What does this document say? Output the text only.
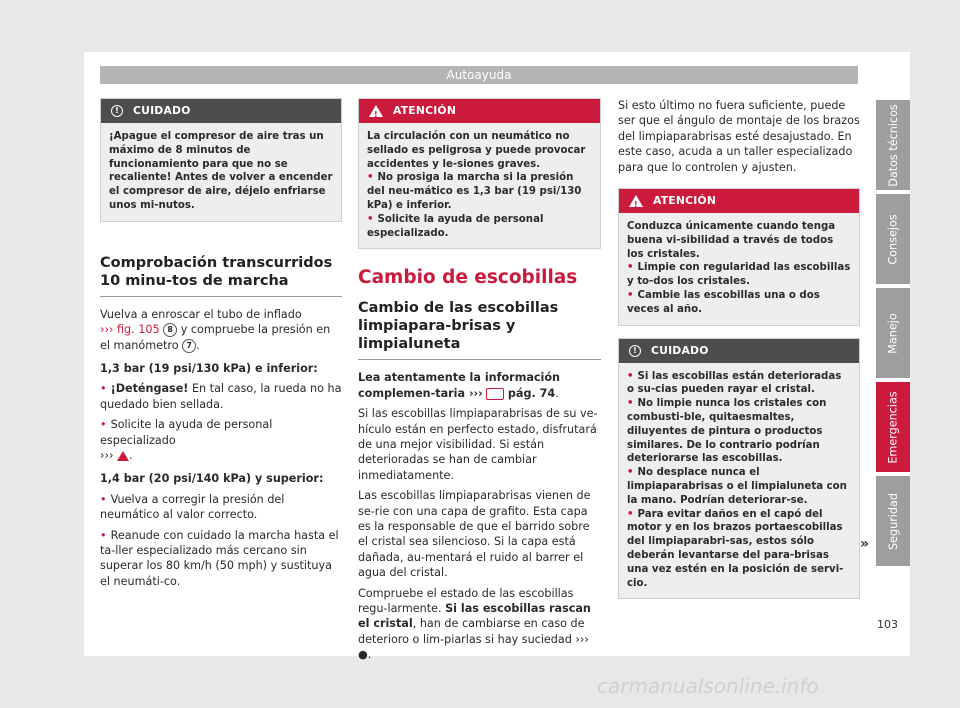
Autoayuda
!	CUIDADO
¡Apague el compresor de aire tras un máximo de 8 minutos de funcionamiento para que no se recaliente! Antes de volver a encender el compresor de aire, déjelo enfriarse unos mi-nutos.
Comprobación transcurridos 10 minu-tos de marcha

Vuelva a enroscar el tubo de inflado
››› fig. 105 8 y compruebe la presión en el manómetro 7 .

1,3 bar (19 psi/130 kPa) e inferior:

• ¡Deténgase! En tal caso, la rueda no ha quedado bien sellada.

• Solicite la ayuda de personal especializado
››› .

1,4 bar (20 psi/140 kPa) y superior:

• Vuelva a corregir la presión del neumático al valor correcto.

• Reanude con cuidado la marcha hasta el ta-ller especializado más cercano sin superar los 80 km/h (50 mph) y sustituya el neumáti-co.

!
ATENCIÓN
La circulación con un neumático no sellado es peligrosa y puede provocar accidentes y le-siones graves.
• No prosiga la marcha si la presión del neu-mático es 1,3 bar (19 psi/130 kPa) e inferior.
• Solicite la ayuda de personal especializado.
Cambio de escobillas
Cambio de las escobillas limpiapara-brisas y limpialuneta

Lea atentamente la información complemen-taria ››› pág. 74.

Si las escobillas limpiaparabrisas de su ve-hículo están en perfecto estado, disfrutará de una mejor visibilidad. Si están deterioradas se han de cambiar inmediatamente.

Las escobillas limpiaparabrisas vienen de se-rie con una capa de grafito. Esta capa es la responsable de que el barrido sobre el cristal sea silencioso. Si la capa está dañada, au-mentará el ruido al barrer el agua del cristal.

Compruebe el estado de las escobillas regu-larmente. Si las escobillas rascan el cristal, han de cambiarse en caso de deterioro o lim-piarlas si hay suciedad ››› ●.

Si esto último no fuera suficiente, puede ser que el ángulo de montaje de los brazos del limpiaparabrisas esté desajustado. En este caso, acuda a un taller especializado para que lo controlen y ajusten.

!
ATENCIÓN
Conduzca únicamente cuando tenga buena vi-sibilidad a través de todos los cristales.
• Limpie con regularidad las escobillas y to-dos los cristales.
• Cambie las escobillas una o dos veces al año.
!	CUIDADO
• Si las escobillas están deterioradas o su-cias pueden rayar el cristal.
• No limpie nunca los cristales con combusti-ble, quitaesmaltes, diluyentes de pintura o productos similares. De lo contrario podrían deteriorarse las escobillas.
• No desplace nunca el limpiaparabrisas o el limpialuneta con la mano. Podrían deteriorar-se.
• Para evitar daños en el capó del motor y en los brazos portaescobillas del limpiaparabri-sas, estos sólo deberán levantarse del para-brisas una vez estén en la posición de servi-cio.
»
Datos técnicos
Consejos
Manejo
Emergencias
Seguridad
103
carmanualsonline.info
